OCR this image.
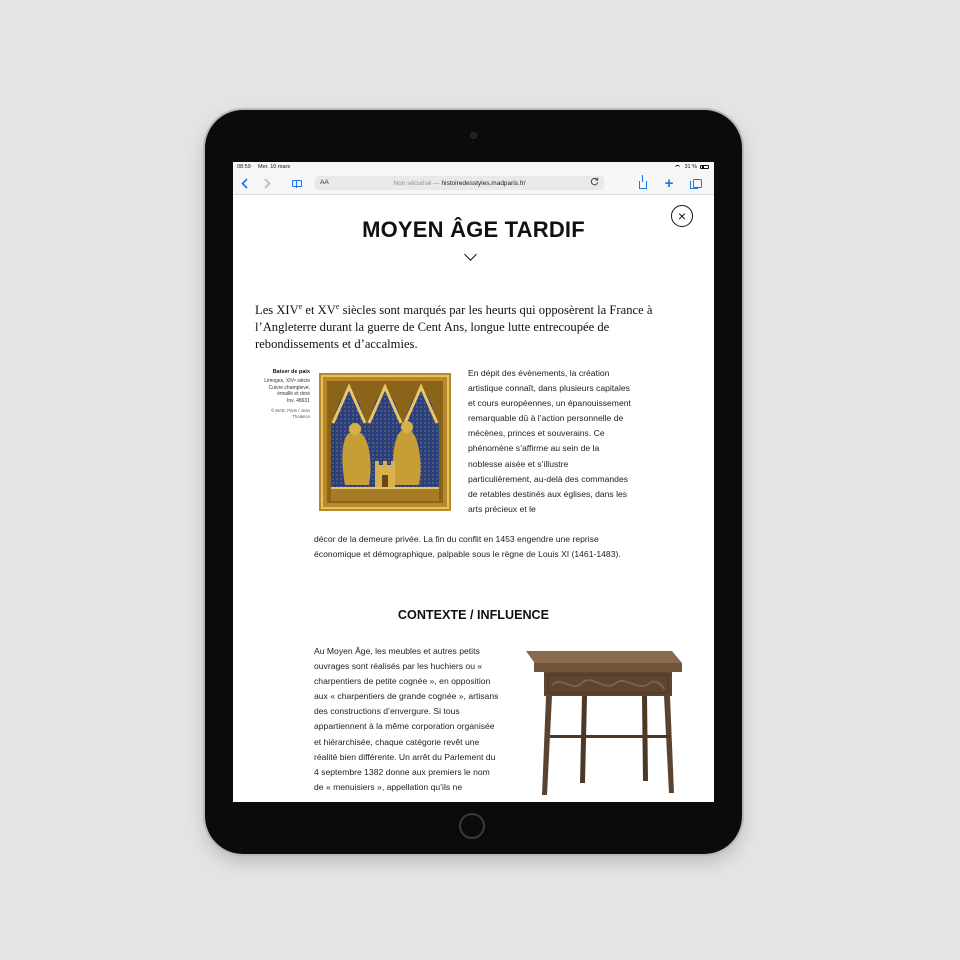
08:59 Mer. 10 mars	31 %
AA	Non sécurisé — histoiredesstyles.madparis.fr/	+
×
MOYEN ÂGE TARDIF

Les XIVe et XVe siècles sont marqués par les heurts qui opposèrent la France à l’Angleterre durant la guerre de Cent Ans, longue lutte entrecoupée de rebondissements et d’accalmies.

Baiser de paix
Limoges, XIVᵉ siècle
Cuivre champlevé,
émaillé et doré
Inv. 48631
© MAD, Paris / Jean
Tholance

En dépit des évènements, la création artistique connaît, dans plusieurs capitales et cours européennes, un épanouissement remarquable dû à l’action personnelle de mécènes, princes et souverains. Ce phénomène s’affirme au sein de la noblesse aisée et s’illustre particulièrement, au-delà des commandes de retables destinés aux églises, dans les arts précieux et le

décor de la demeure privée. La fin du conflit en 1453 engendre une reprise économique et démographique, palpable sous le règne de Louis XI (1461-1483).

CONTEXTE / INFLUENCE

Au Moyen Âge, les meubles et autres petits ouvrages sont réalisés par les huchiers ou « charpentiers de petite cognée », en opposition aux « charpentiers de grande cognée », artisans des constructions d’envergure. Si tous appartiennent à la même corporation organisée et hiérarchisée, chaque catégorie revêt une réalité bien différente. Un arrêt du Parlement du 4 septembre 1382 donne aux premiers le nom de « menuisiers », appellation qu’ils ne
